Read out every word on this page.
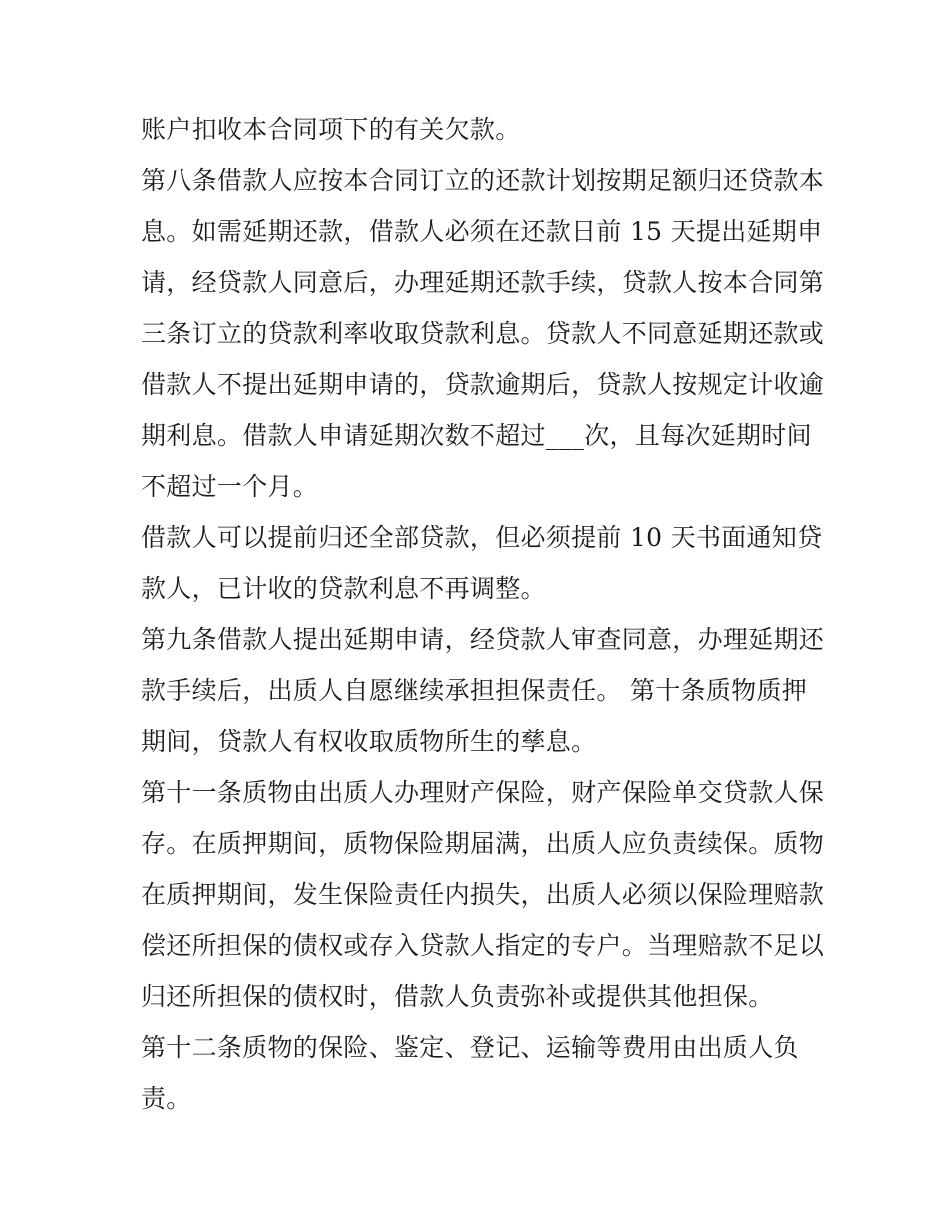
账户扣收本合同项下的有关欠款。
第八条借款人应按本合同订立的还款计划按期足额归还贷款本
息。如需延期还款，借款人必须在还款日前 15 天提出延期申
请，经贷款人同意后，办理延期还款手续，贷款人按本合同第
三条订立的贷款利率收取贷款利息。贷款人不同意延期还款或
借款人不提出延期申请的，贷款逾期后，贷款人按规定计收逾
期利息。借款人申请延期次数不超过___次，且每次延期时间
不超过一个月。
借款人可以提前归还全部贷款，但必须提前 10 天书面通知贷
款人，已计收的贷款利息不再调整。
第九条借款人提出延期申请，经贷款人审查同意，办理延期还
款手续后，出质人自愿继续承担担保责任。 第十条质物质押
期间，贷款人有权收取质物所生的孳息。
第十一条质物由出质人办理财产保险，财产保险单交贷款人保
存。在质押期间，质物保险期届满，出质人应负责续保。质物
在质押期间，发生保险责任内损失，出质人必须以保险理赔款
偿还所担保的债权或存入贷款人指定的专户。当理赔款不足以
归还所担保的债权时，借款人负责弥补或提供其他担保。
第十二条质物的保险、鉴定、登记、运输等费用由出质人负
责。
